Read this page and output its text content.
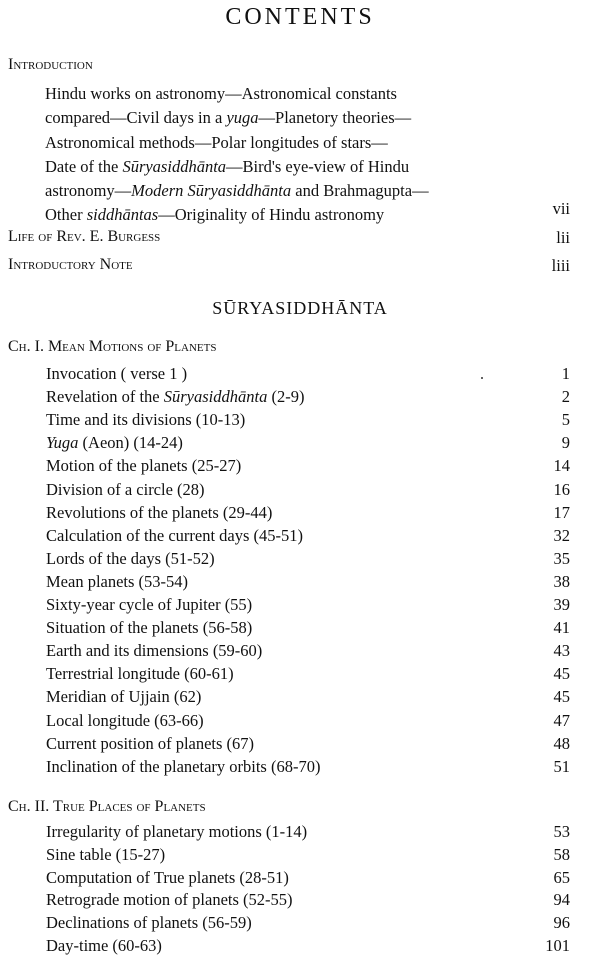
CONTENTS
Introduction
Hindu works on astronomy—Astronomical constants
compared—Civil days in a yuga—Planetory theories—
Astronomical methods—Polar longitudes of stars—
Date of the Sūryasiddhānta—Bird's eye-view of Hindu
astronomy—Modern Sūryasiddhānta and Brahmagupta—
Other siddhāntas—Originality of Hindu astronomy	vii
Life of Rev. E. Burgess	lii
Introductory Note	liii
SŪRYASIDDHĀNTA
Ch. I. Mean Motions of Planets
Invocation ( verse 1 )	1
Revelation of the Sūryasiddhānta (2-9)	2
Time and its divisions (10-13)	5
Yuga (Aeon) (14-24)	9
Motion of the planets (25-27)	14
Division of a circle (28)	16
Revolutions of the planets (29-44)	17
Calculation of the current days (45-51)	32
Lords of the days (51-52)	35
Mean planets (53-54)	38
Sixty-year cycle of Jupiter (55)	39
Situation of the planets (56-58)	41
Earth and its dimensions (59-60)	43
Terrestrial longitude (60-61)	45
Meridian of Ujjain (62)	45
Local longitude (63-66)	47
Current position of planets (67)	48
Inclination of the planetary orbits (68-70)	51
Ch. II. True Places of Planets
Irregularity of planetary motions (1-14)	53
Sine table (15-27)	58
Computation of True planets (28-51)	65
Retrograde motion of planets (52-55)	94
Declinations of planets (56-59)	96
Day-time (60-63)	101
